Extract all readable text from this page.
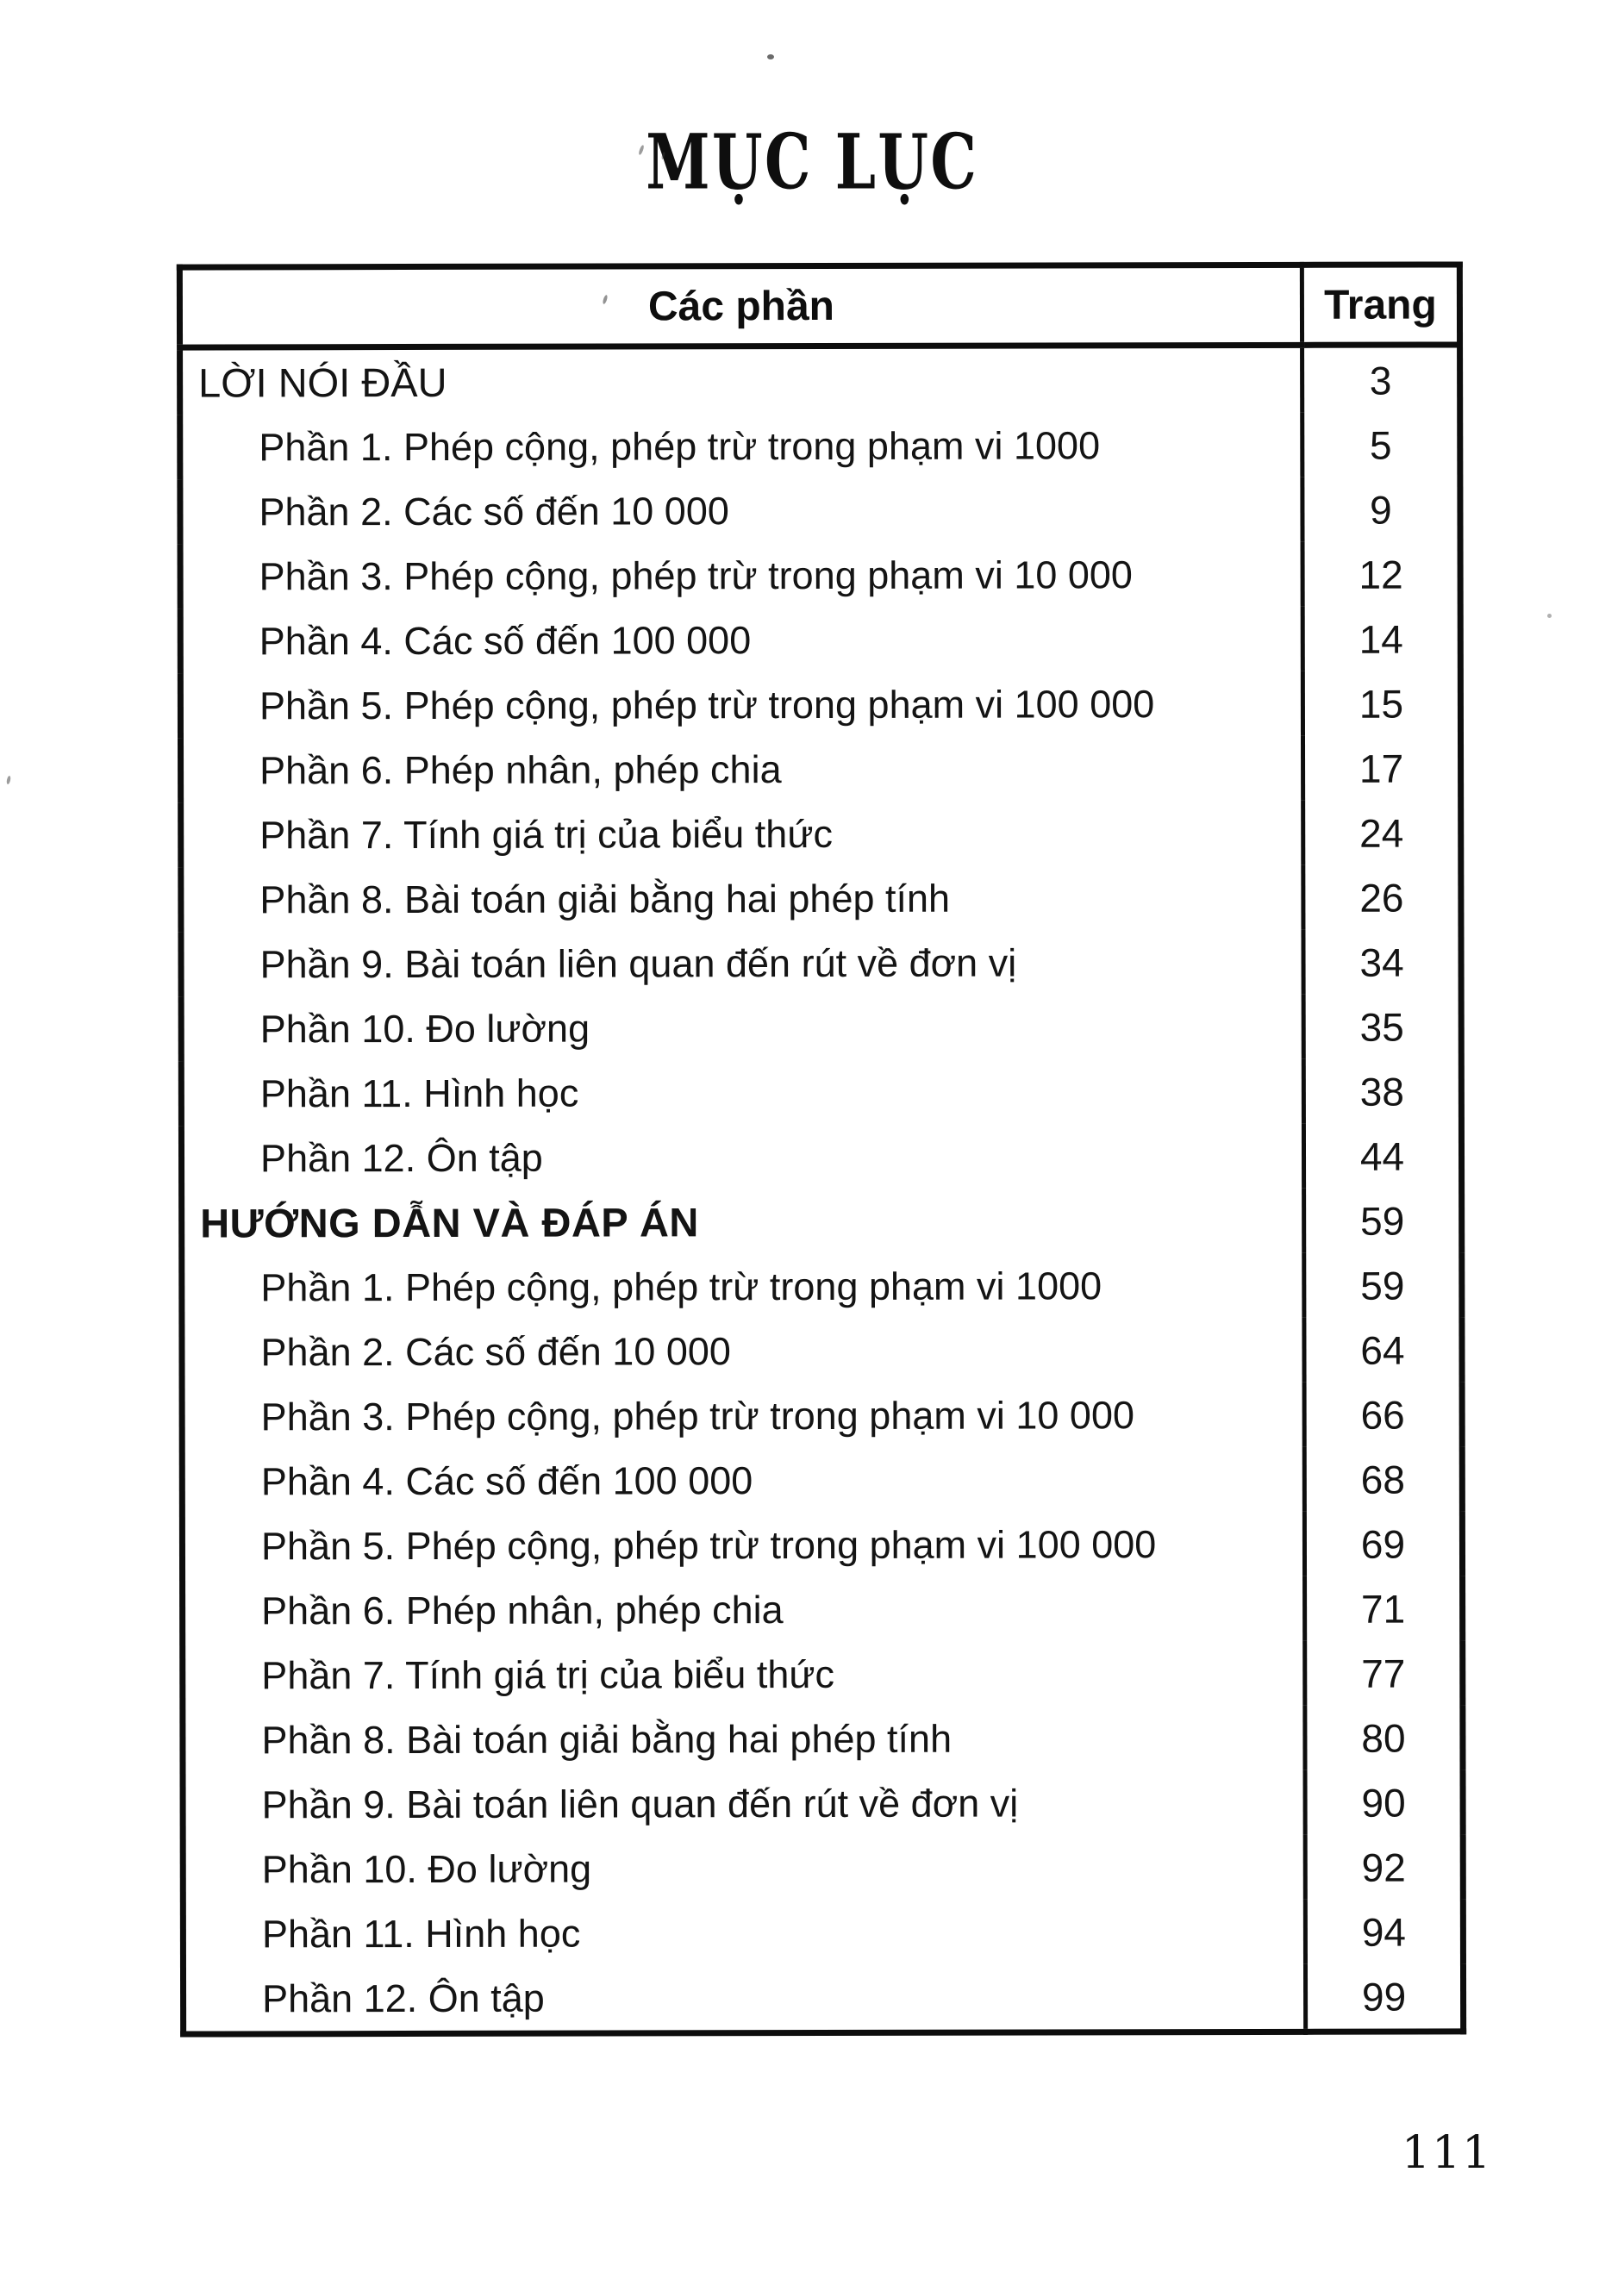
MỤC LỤC
Các phần	Trang
LỜI NÓI ĐẦU	3
Phần 1. Phép cộng, phép trừ trong phạm vi 1000	5
Phần 2. Các số đến 10 000	9
Phần 3. Phép cộng, phép trừ trong phạm vi 10 000	12
Phần 4. Các số đến 100 000	14
Phần 5. Phép cộng, phép trừ trong phạm vi 100 000	15
Phần 6. Phép nhân, phép chia	17
Phần 7. Tính giá trị của biểu thức	24
Phần 8. Bài toán giải bằng hai phép tính	26
Phần 9. Bài toán liên quan đến rút về đơn vị	34
Phần 10. Đo lường	35
Phần 11. Hình học	38
Phần 12. Ôn tập	44
HƯỚNG DẪN VÀ ĐÁP ÁN	59
Phần 1. Phép cộng, phép trừ trong phạm vi 1000	59
Phần 2. Các số đến 10 000	64
Phần 3. Phép cộng, phép trừ trong phạm vi 10 000	66
Phần 4. Các số đến 100 000	68
Phần 5. Phép cộng, phép trừ trong phạm vi 100 000	69
Phần 6. Phép nhân, phép chia	71
Phần 7. Tính giá trị của biểu thức	77
Phần 8. Bài toán giải bằng hai phép tính	80
Phần 9. Bài toán liên quan đến rút về đơn vị	90
Phần 10. Đo lường	92
Phần 11. Hình học	94
Phần 12. Ôn tập	99
111
